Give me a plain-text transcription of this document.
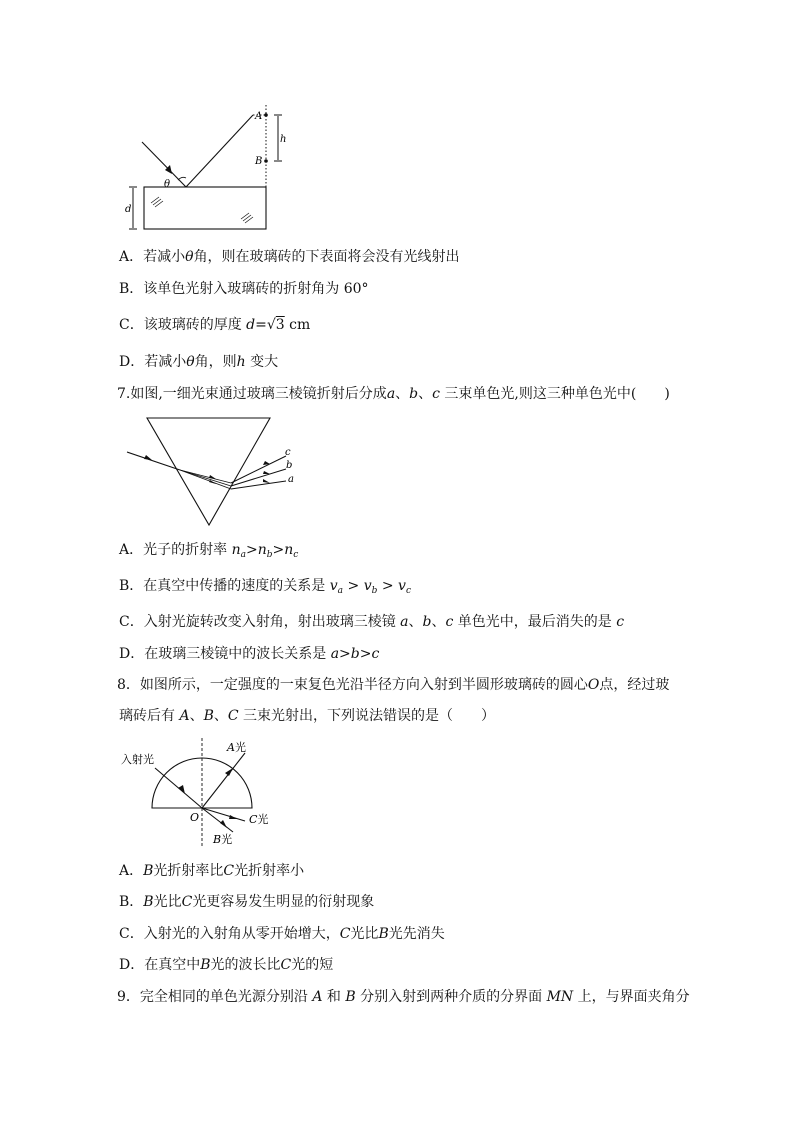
A
B
h
θ
d
A．若减小θ角，则在玻璃砖的下表面将会没有光线射出
B．该单色光射入玻璃砖的折射角为 60°
C．该玻璃砖的厚度 d=√3 cm
D．若减小θ角，则h 变大
7.如图,一细光束通过玻璃三棱镜折射后分成a、b、c 三束单色光,则这三种单色光中(　　)
c
b
a
A．光子的折射率 $n_a>n_b>n_c$
B．在真空中传播的速度的关系是 $v_a > v_b > v_c$
C．入射光旋转改变入射角，射出玻璃三棱镜 a、b、c 单色光中，最后消失的是 c
D．在玻璃三棱镜中的波长关系是 a>b>c
8．如图所示，一定强度的一束复色光沿半径方向入射到半圆形玻璃砖的圆心O点，经过玻
璃砖后有 A、B、C 三束光射出，下列说法错误的是（　　）
入射光
A光
O	C光
B光
A．B光折射率比C光折射率小
B．B光比C光更容易发生明显的衍射现象
C．入射光的入射角从零开始增大，C光比B光先消失
D．在真空中B光的波长比C光的短
9．完全相同的单色光源分别沿 A 和 B 分别入射到两种介质的分界面 MN 上，与界面夹角分
